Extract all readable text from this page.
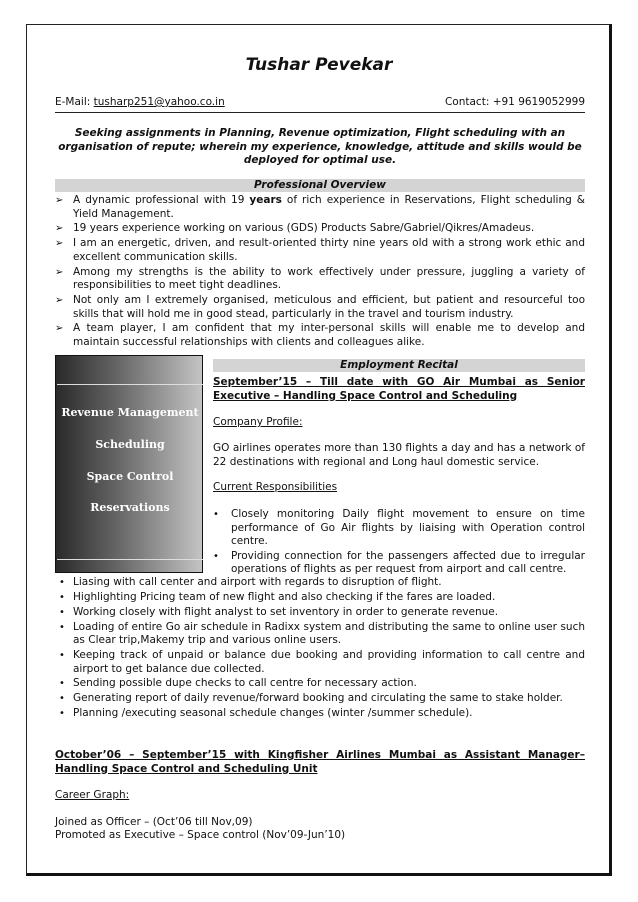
Tushar Pevekar
E-Mail: tusharp251@yahoo.co.in	Contact: +91 9619052999
Seeking assignments in Planning, Revenue optimization, Flight scheduling with an organisation of repute; wherein my experience, knowledge, attitude and skills would be deployed for optimal use.
Professional Overview
➢ A dynamic professional with 19 years of rich experience in Reservations, Flight scheduling & Yield Management.
➢ 19 years experience working on various (GDS) Products Sabre/Gabriel/Qikres/Amadeus.
➢ I am an energetic, driven, and result-oriented thirty nine years old with a strong work ethic and excellent communication skills.
➢ Among my strengths is the ability to work effectively under pressure, juggling a variety of responsibilities to meet tight deadlines.
➢ Not only am I extremely organised, meticulous and efficient, but patient and resourceful too skills that will hold me in good stead, particularly in the travel and tourism industry.
➢ A team player, I am confident that my inter-personal skills will enable me to develop and maintain successful relationships with clients and colleagues alike.
Revenue Management
Scheduling
Space Control
Reservations
Employment Recital
September’15 – Till date with GO Air Mumbai as Senior Executive – Handling Space Control and Scheduling
Company Profile:
GO airlines operates more than 130 flights a day and has a network of 22 destinations with regional and Long haul domestic service.
Current Responsibilities
• Closely monitoring Daily flight movement to ensure on time performance of Go Air flights by liaising with Operation control centre.
• Providing connection for the passengers affected due to irregular operations of flights as per request from airport and call centre.
• Liasing with call center and airport with regards to disruption of flight.
• Highlighting Pricing team of new flight and also checking if the fares are loaded.
• Working closely with flight analyst to set inventory in order to generate revenue.
• Loading of entire Go air schedule in Radixx system and distributing the same to online user such as Clear trip,Makemy trip and various online users.
• Keeping track of unpaid or balance due booking and providing information to call centre and airport to get balance due collected.
• Sending possible dupe checks to call centre for necessary action.
• Generating report of daily revenue/forward booking and circulating the same to stake holder.
• Planning /executing seasonal schedule changes (winter /summer schedule).
October’06 – September’15 with Kingfisher Airlines Mumbai as Assistant Manager– Handling Space Control and Scheduling Unit
Career Graph:
Joined as Officer – (Oct’06 till Nov,09)
Promoted as Executive – Space control (Nov’09-Jun’10)
